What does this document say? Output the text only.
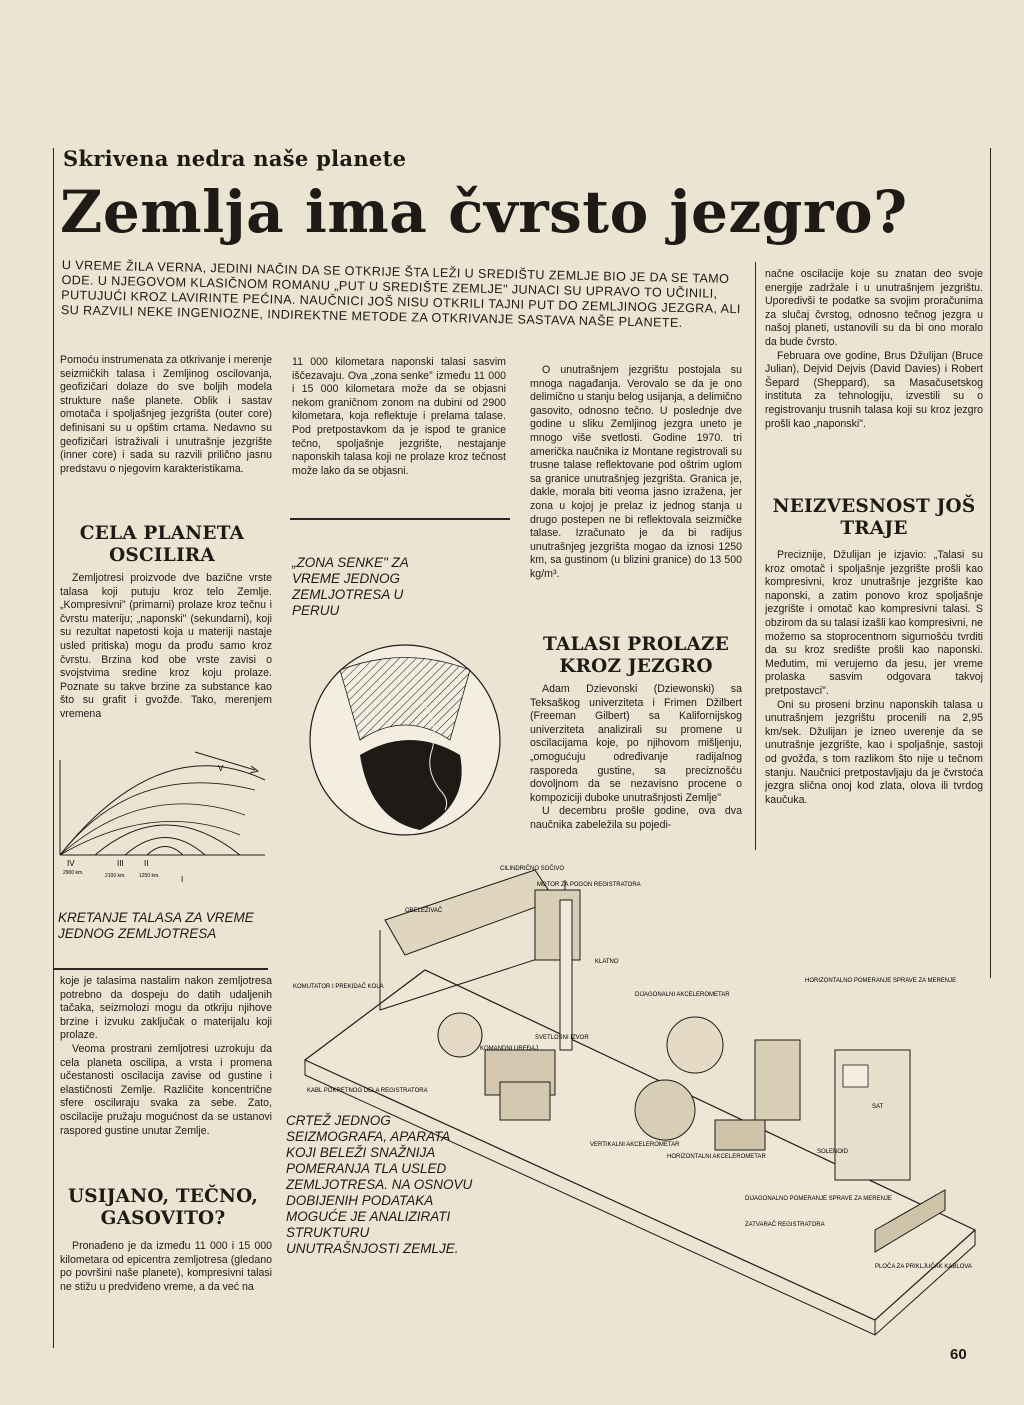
Skrivena nedra naše planete
Zemlja ima čvrsto jezgro?
U VREME ŽILA VERNA, JEDINI NAČIN DA SE OTKRIJE ŠTA LEŽI U SREDIŠTU ZEMLJE BIO JE DA SE TAMO ODE. U NJEGOVOM KLASIČNOM ROMANU „PUT U SREDIŠTE ZEMLJE" JUNACI SU UPRAVO TO UČINILI, PUTUJUĆI KROZ LAVIRINTE PEĆINA. NAUČNICI JOŠ NISU OTKRILI TAJNI PUT DO ZEMLJINOG JEZGRA, ALI SU RAZVILI NEKE INGENIOZNE, INDIREKTNE METODE ZA OTKRIVANJE SASTAVA NAŠE PLANETE.
Pomoću instrumenata za otkrivanje i merenje seizmičkih talasa i Zemljinog oscilovanja, geofizičari dolaze do sve boljih modela strukture naše planete. Oblik i sastav omotača i spoljašnjeg jezgrišta (outer core) definisani su u opštim crtama. Nedavno su geofizičari istraživali i unutrašnje jezgrište (inner core) i sada su razvili prilično jasnu predstavu o njegovim karakteristikama.
CELA PLANETA OSCILIRA

Zemljotresi proizvode dve bazične vrste talasa koji putuju kroz telo Zemlje. „Kompresivni" (primarni) prolaze kroz tečnu i čvrstu materiju; „naponski" (sekundarni), koji su rezultat napetosti koja u materiji nastaje usled pritiska) mogu da prođu samo kroz čvrstu. Brzina kod obe vrste zavisi o svojstvima sredine kroz koju prolaze. Poznate su takve brzine za substance kao što su grafit i gvožđe. Tako, merenjem vremena

IV	III	II
I
2900 km.	2100 km.	1250 km.
V
KRETANJE TALASA ZA VREME JEDNOG ZEMLJOTRESA

koje je talasima nastalim nakon zemljotresa potrebno da dospeju do datih udaljenih tačaka, seizmolozi mogu da otkriju njihove brzine i izvuku zaključak o materijalu koji prolaze.

Veoma prostrani zemljotresi uzrokuju da cela planeta osciliра, a vrsta i promena učestanosti oscilacija zavise od gustine i elastičnosti Zemlje. Različite koncentrične sfere oscilиraju svaka za sebe. Zato, oscilacije pružaju mogućnost da se ustanovi raspored gustine unutar Zemlje.

USIJANO, TEČNO, GASOVITO?

Pronađeno je da između 11 000 i 15 000 kilometara od epicentra zemljotresa (gledano po površini naše planete), kompresivni talasi ne stižu u predviđeno vreme, a da već na

11 000 kilometara naponski talasi sasvim iščezavaju. Ova „zona senke" između 11 000 i 15 000 kilometara može da se objasni nekom graničnom zonom na dubini od 2900 kilometara, koja reflektuje i prelama talase. Pod pretpostavkom da je ispod te granice tečno, spoljašnje jezgrište, nestajanje naponskih talasa koji ne prolaze kroz tečnost može lako da se objasni.

„ZONA SENKE" ZA VREME JEDNOG ZEMLJOTRESA U PERUU

O unutrašnjem jezgrištu postojala su mnoga nagađanja. Verovalo se da je ono delimično u stanju belog usijanja, a delimično gasovito, odnosno tečno. U poslednje dve godine u sliku Zemljinog jezgra uneto je mnogo više svetlosti. Godine 1970. tri američka naučnika iz Montane registrovali su trusne talase reflektovane pod oštrim uglom sa granice unutrašnjeg jezgrišta. Granica je, dakle, morala biti veoma jasno izražena, jer zona u kojoj je prelaz iz jednog stanja u drugo postepen ne bi reflektovala seizmičke talase. Izračunato je da bi radijus unutrašnjeg jezgrišta mogao da iznosi 1250 km, sa gustinom (u blizini granice) do 13 500 kg/m³.

TALASI PROLAZE KROZ JEZGRO

Adam Dzievonski (Dziewonski) sa Teksaškog univerziteta i Frimen Džilbert (Freeman Gilbert) sa Kalifornijskog univerziteta analizirali su promene u oscilacijama koje, po njihovom mišljenju, „omogućuju određivanje radijalnog rasporeda gustine, sa preciznošću dovoljnom da se nezavisno procene o kompoziciji duboke unutrašnjosti Zemlje"

U decembru prošle godine, ova dva naučnika zabeležila su pojedi-

načne oscilacije koje su znatan deo svoje energije zadržale i u unutrašnjem jezgrištu. Uporedivši te podatke sa svojim proračunima za slučaj čvrstog, odnosno tečnog jezgra u našoj planeti, ustanovili su da bi ono moralo da bude čvrsto.

Februara ove godine, Brus Džulijan (Bruce Julian), Dejvid Dejvis (David Davies) i Robert Šepard (Sheppard), sa Masačusetskog instituta za tehnologiju, izvestili su o registrovanju trusnih talasa koji su kroz jezgro prošli kao „naponski".

NEIZVESNOST JOŠ TRAJE

Preciznije, Džulijan je izjavio: „Talasi su kroz omotač i spoljašnje jezgrište prošli kao kompresivni, kroz unutrašnje jezgrište kao naponski, a zatim ponovo kroz spoljašnje jezgrište i omotač kao kompresivni talasi. S obzirom da su talasi izašli kao kompresivni, ne možemo sa stoprocentnom sigurnošću tvrditi da su kroz središte prošli kao naponski. Međutim, mi verujemo da jesu, jer vreme prolaska sasvim odgovara takvoj pretpostavci".

Oni su proseni brzinu naponskih talasa u unutrašnjem jezgrištu procenili na 2,95 km/sek. Džulijan je izneo uverenje da se unutrašnje jezgrište, kao i spoljašnje, sastoji od gvožđa, s tom razlikom što nije u tečnom stanju. Naučnici pretpostavljaju da je čvrstoća jezgra slična onoj kod zlata, olova ili tvrdog kaučuka.

CILINDRIČNO SOČIVO
MOTOR ZA POGON REGISTRATORA
OBELEŽIVAČ
KLATNO
HORIZONTALNO POMERANJE SPRAVE ZA MERENJE
KOMUTATOR I PREKIDAČ KOLA
DIJAGONALNI AKCELEROMETAR
SVETLOSNI IZVOR
KOMANDNI UREĐAJ
KABL POKRETNOG DELA REGISTRATORA
SAT
VERTIKALNI AKCELEROMETAR
HORIZONTALNI AKCELEROMETAR
SOLENOID
DIJAGONALNO POMERANJE SPRAVE ZA MERENJE
ZATVARAČ REGISTRATORA
PLOČA ZA PRIKLJUČAK KABLOVA
CRTEŽ JEDNOG SEIZMOGRAFA, APARATA KOJI BELEŽI SNAŽNIJA POMERANJA TLA USLED ZEMLJOTRESA. NA OSNOVU DOBIJENIH PODATAKA MOGUĆE JE ANALIZIRATI STRUKTURU UNUTRAŠNJOSTI ZEMLJE.
60
